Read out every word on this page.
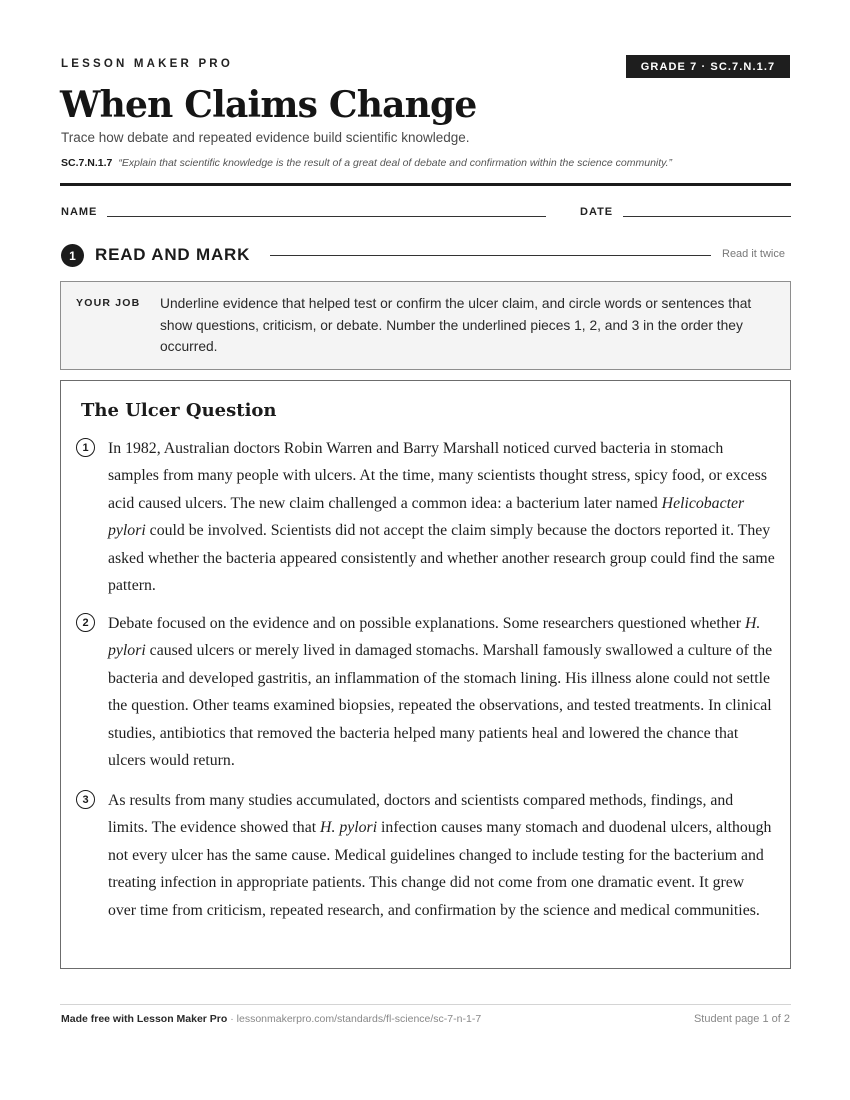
LESSON MAKER PRO	GRADE 7 · SC.7.N.1.7
When Claims Change
Trace how debate and repeated evidence build scientific knowledge.
SC.7.N.1.7 “Explain that scientific knowledge is the result of a great deal of debate and confirmation within the science community.”
NAME	DATE
1	READ AND MARK	Read it twice
YOUR JOB Underline evidence that helped test or confirm the ulcer claim, and circle words or sentences that show questions, criticism, or debate. Number the underlined pieces 1, 2, and 3 in the order they occurred.
The Ulcer Question
1	In 1982, Australian doctors Robin Warren and Barry Marshall noticed curved bacteria in stomach samples from many people with ulcers. At the time, many scientists thought stress, spicy food, or excess acid caused ulcers. The new claim challenged a common idea: a bacterium later named Helicobacter pylori could be involved. Scientists did not accept the claim simply because the doctors reported it. They asked whether the bacteria appeared consistently and whether another research group could find the same pattern.
2	Debate focused on the evidence and on possible explanations. Some researchers questioned whether H. pylori caused ulcers or merely lived in damaged stomachs. Marshall famously swallowed a culture of the bacteria and developed gastritis, an inflammation of the stomach lining. His illness alone could not settle the question. Other teams examined biopsies, repeated the observations, and tested treatments. In clinical studies, antibiotics that removed the bacteria helped many patients heal and lowered the chance that ulcers would return.
3	As results from many studies accumulated, doctors and scientists compared methods, findings, and limits. The evidence showed that H. pylori infection causes many stomach and duodenal ulcers, although not every ulcer has the same cause. Medical guidelines changed to include testing for the bacterium and treating infection in appropriate patients. This change did not come from one dramatic event. It grew over time from criticism, repeated research, and confirmation by the science and medical communities.
Made free with Lesson Maker Pro · lessonmakerpro.com/standards/fl-science/sc-7-n-1-7	Student page 1 of 2
